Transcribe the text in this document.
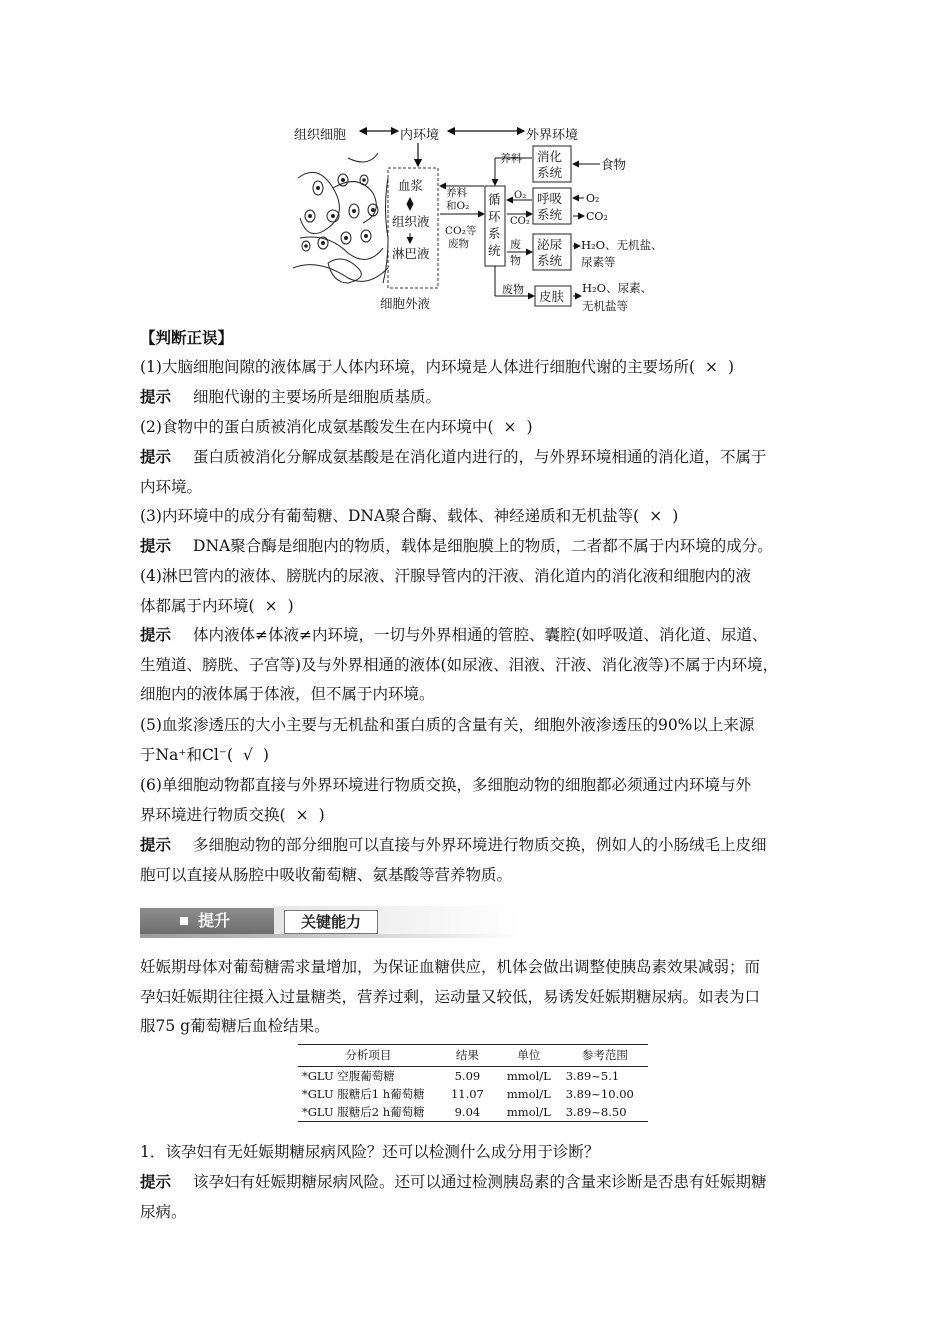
组织细胞	内环境	外界环境
血浆
组织液
淋巴液
细胞外液
养料
和O₂
CO₂等
废物
循
环
系
统
养料 消化
系统
食物
O₂
CO₂
呼吸
系统
O₂
CO₂
废
物
泌尿
系统
H₂O、无机盐、
尿素等
废物 皮肤
H₂O、尿素、
无机盐等

【判断正误】

(1)大脑细胞间隙的液体属于人体内环境，内环境是人体进行细胞代谢的主要场所( × )

提示 细胞代谢的主要场所是细胞质基质。

(2)食物中的蛋白质被消化成氨基酸发生在内环境中( × )

提示 蛋白质被消化分解成氨基酸是在消化道内进行的，与外界环境相通的消化道，不属于
内环境。

(3)内环境中的成分有葡萄糖、DNA聚合酶、载体、神经递质和无机盐等( × )

提示 DNA聚合酶是细胞内的物质，载体是细胞膜上的物质，二者都不属于内环境的成分。

(4)淋巴管内的液体、膀胱内的尿液、汗腺导管内的汗液、消化道内的消化液和细胞内的液
体都属于内环境( × )

提示 体内液体≠体液≠内环境，一切与外界相通的管腔、囊腔(如呼吸道、消化道、尿道、
生殖道、膀胱、子宫等)及与外界相通的液体(如尿液、泪液、汗液、消化液等)不属于内环境，
细胞内的液体属于体液，但不属于内环境。

(5)血浆渗透压的大小主要与无机盐和蛋白质的含量有关，细胞外液渗透压的90%以上来源
于Na⁺和Cl⁻( √ )

(6)单细胞动物都直接与外界环境进行物质交换，多细胞动物的细胞都必须通过内环境与外
界环境进行物质交换( × )

提示 多细胞动物的部分细胞可以直接与外界环境进行物质交换，例如人的小肠绒毛上皮细
胞可以直接从肠腔中吸收葡萄糖、氨基酸等营养物质。

提升	关键能力

妊娠期母体对葡萄糖需求量增加，为保证血糖供应，机体会做出调整使胰岛素效果减弱；而
孕妇妊娠期往往摄入过量糖类，营养过剩，运动量又较低，易诱发妊娠期糖尿病。如表为口
服75 g葡萄糖后血检结果。

分析项目	结果	单位	参考范围
*GLU 空腹葡萄糖	5.09	mmol/L	3.89~5.1
*GLU 服糖后1 h葡萄糖	11.07	mmol/L	3.89~10.00
*GLU 服糖后2 h葡萄糖	9.04	mmol/L	3.89~8.50

1．该孕妇有无妊娠期糖尿病风险？还可以检测什么成分用于诊断？

提示 该孕妇有妊娠期糖尿病风险。还可以通过检测胰岛素的含量来诊断是否患有妊娠期糖
尿病。
